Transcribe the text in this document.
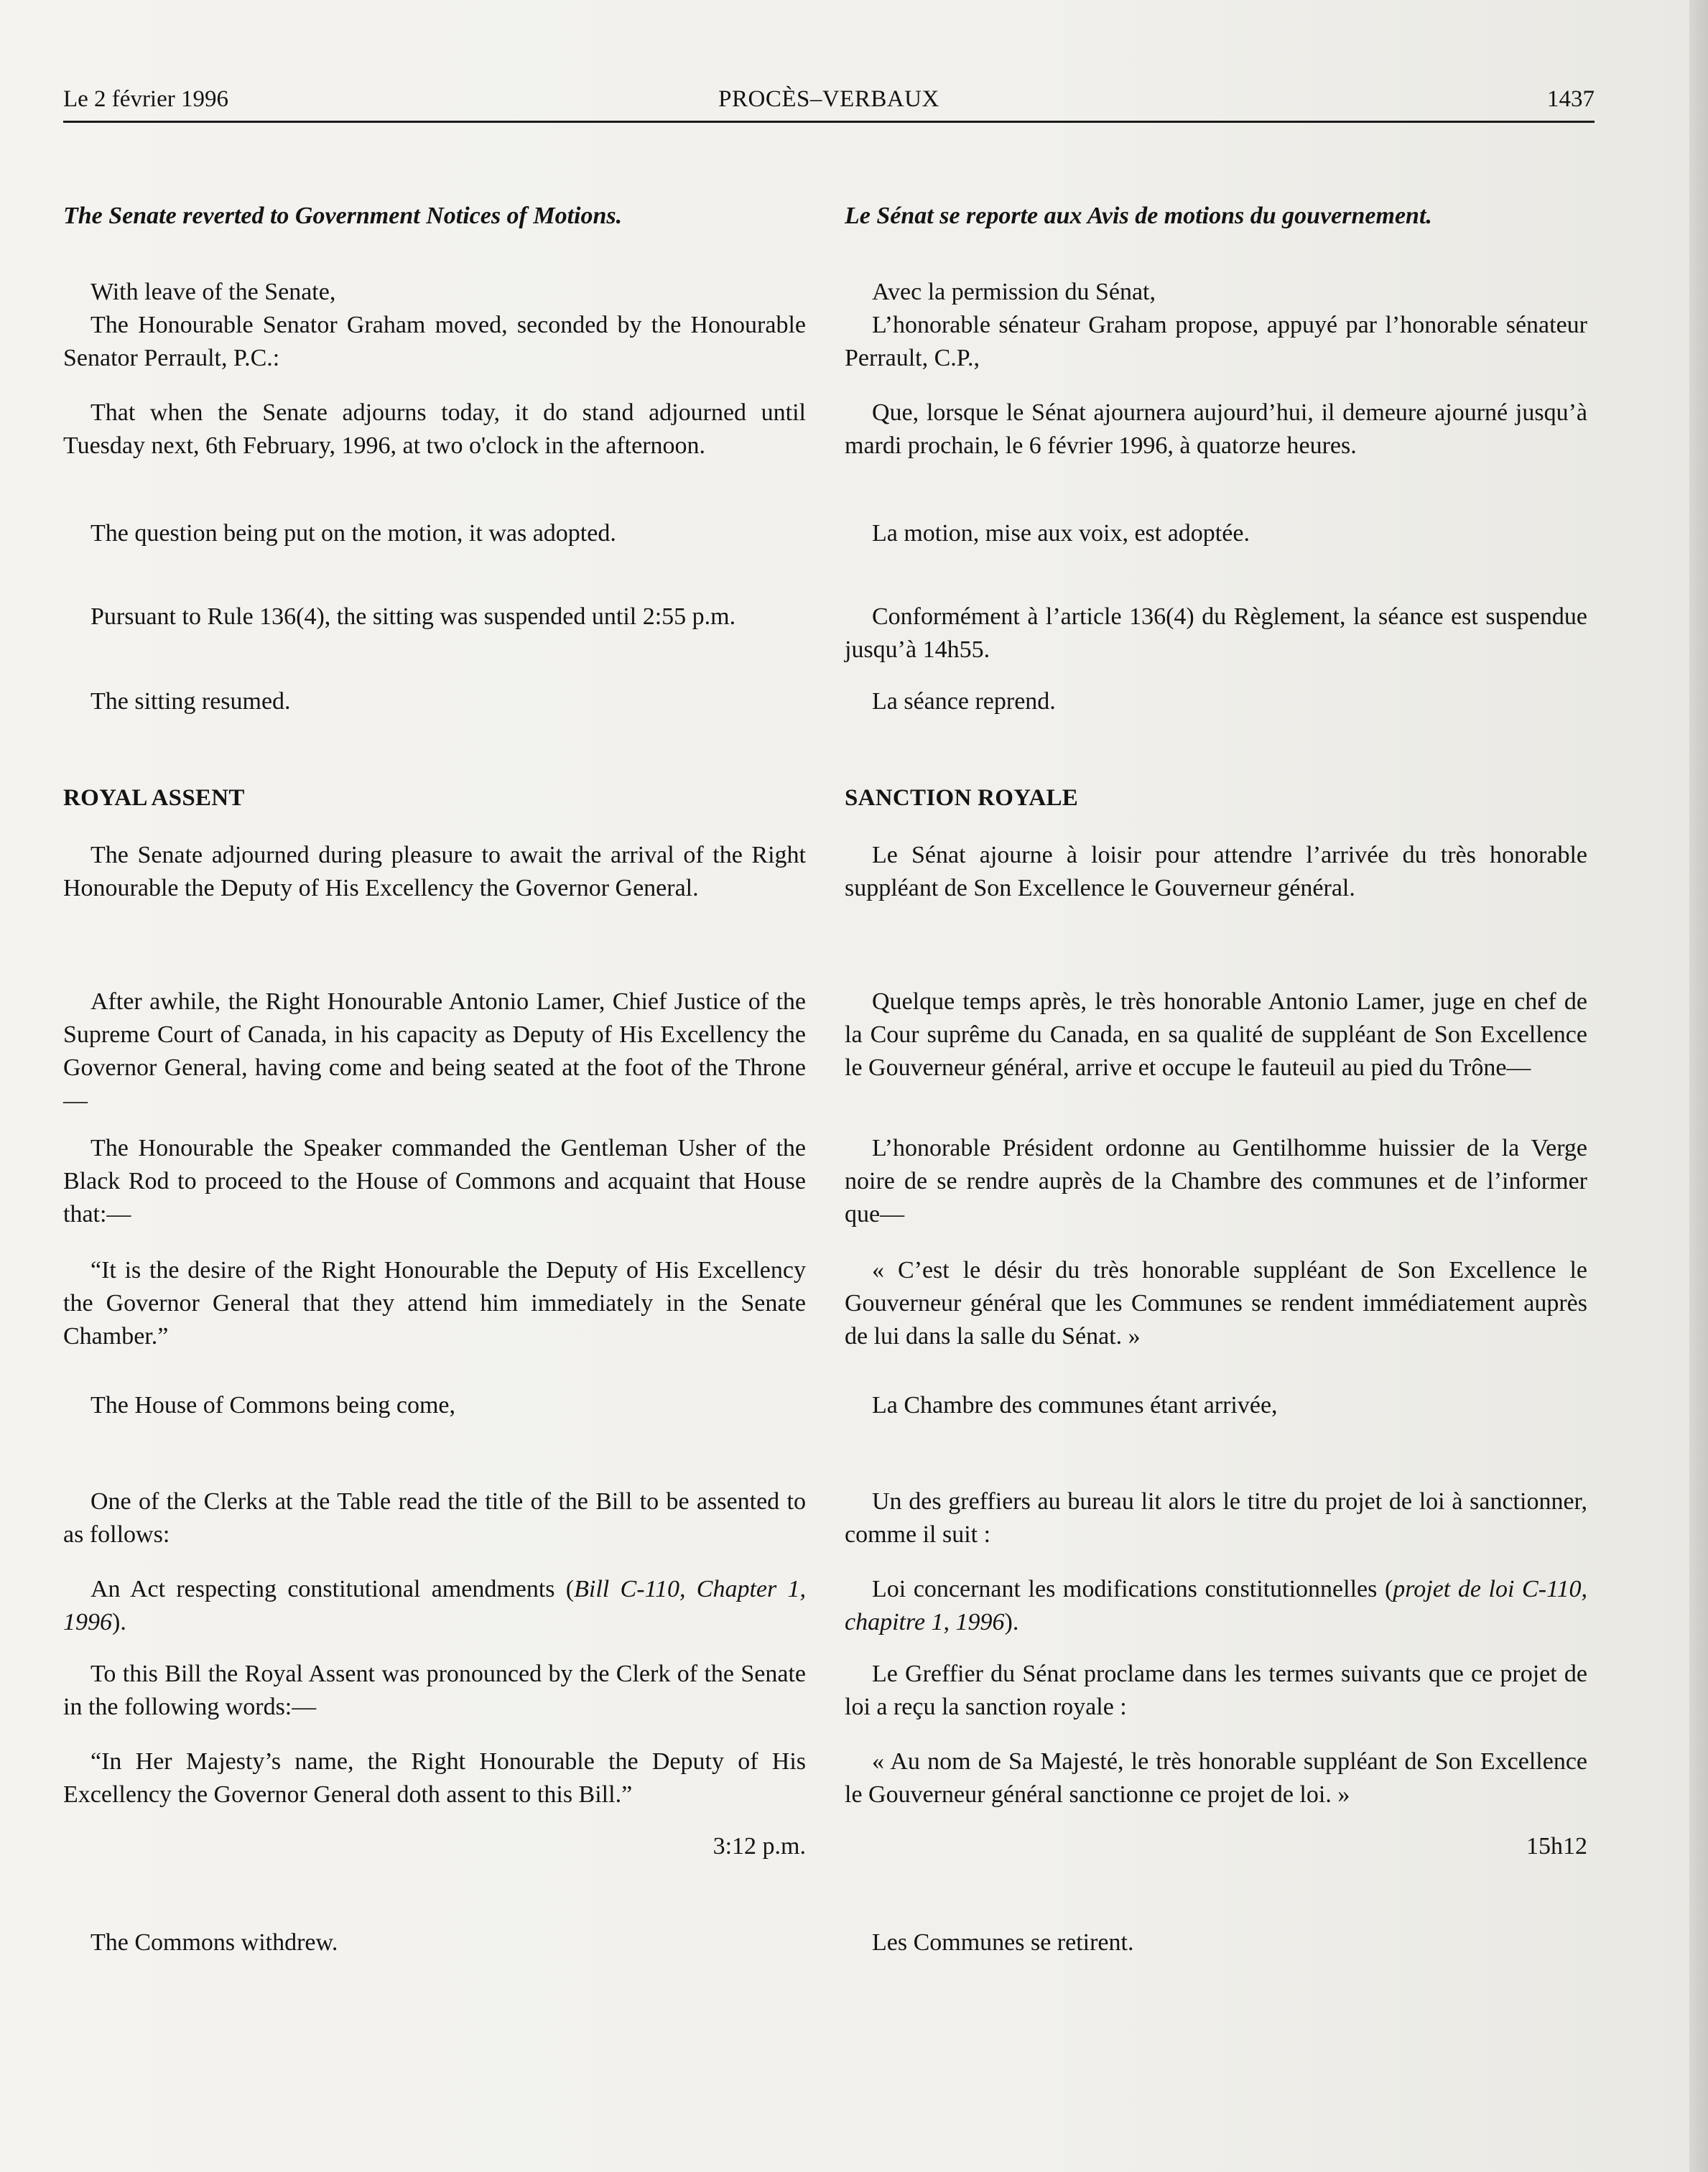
Le 2 février 1996	PROCÈS–VERBAUX	1437

The Senate reverted to Government Notices of Motions.

With leave of the Senate,

The Honourable Senator Graham moved, seconded by the Honourable Senator Perrault, P.C.:

That when the Senate adjourns today, it do stand adjourned until Tuesday next, 6th February, 1996, at two o'clock in the afternoon.

The question being put on the motion, it was adopted.

Pursuant to Rule 136(4), the sitting was suspended until 2:55 p.m.

The sitting resumed.

ROYAL ASSENT

The Senate adjourned during pleasure to await the arrival of the Right Honourable the Deputy of His Excellency the Governor General.

After awhile, the Right Honourable Antonio Lamer, Chief Justice of the Supreme Court of Canada, in his capacity as Deputy of His Excellency the Governor General, having come and being seated at the foot of the Throne—

The Honourable the Speaker commanded the Gentleman Usher of the Black Rod to proceed to the House of Commons and acquaint that House that:—

“It is the desire of the Right Honourable the Deputy of His Excellency the Governor General that they attend him immediately in the Senate Chamber.”

The House of Commons being come,

One of the Clerks at the Table read the title of the Bill to be assented to as follows:

An Act respecting constitutional amendments (Bill C-110, Chapter 1, 1996).

To this Bill the Royal Assent was pronounced by the Clerk of the Senate in the following words:—

“In Her Majesty’s name, the Right Honourable the Deputy of His Excellency the Governor General doth assent to this Bill.”

3:12 p.m.

The Commons withdrew.

Le Sénat se reporte aux Avis de motions du gouvernement.

Avec la permission du Sénat,

L’honorable sénateur Graham propose, appuyé par l’honorable sénateur Perrault, C.P.,

Que, lorsque le Sénat ajournera aujourd’hui, il demeure ajourné jusqu’à mardi prochain, le 6 février 1996, à quatorze heures.

La motion, mise aux voix, est adoptée.

Conformément à l’article 136(4) du Règlement, la séance est suspendue jusqu’à 14h55.

La séance reprend.

SANCTION ROYALE

Le Sénat ajourne à loisir pour attendre l’arrivée du très honorable suppléant de Son Excellence le Gouverneur général.

Quelque temps après, le très honorable Antonio Lamer, juge en chef de la Cour suprême du Canada, en sa qualité de suppléant de Son Excellence le Gouverneur général, arrive et occupe le fauteuil au pied du Trône—

L’honorable Président ordonne au Gentilhomme huissier de la Verge noire de se rendre auprès de la Chambre des communes et de l’informer que—

« C’est le désir du très honorable suppléant de Son Excellence le Gouverneur général que les Communes se rendent immédiatement auprès de lui dans la salle du Sénat. »

La Chambre des communes étant arrivée,

Un des greffiers au bureau lit alors le titre du projet de loi à sanctionner, comme il suit :

Loi concernant les modifications constitutionnelles (projet de loi C-110, chapitre 1, 1996).

Le Greffier du Sénat proclame dans les termes suivants que ce projet de loi a reçu la sanction royale :

« Au nom de Sa Majesté, le très honorable suppléant de Son Excellence le Gouverneur général sanctionne ce projet de loi. »

15h12

Les Communes se retirent.
